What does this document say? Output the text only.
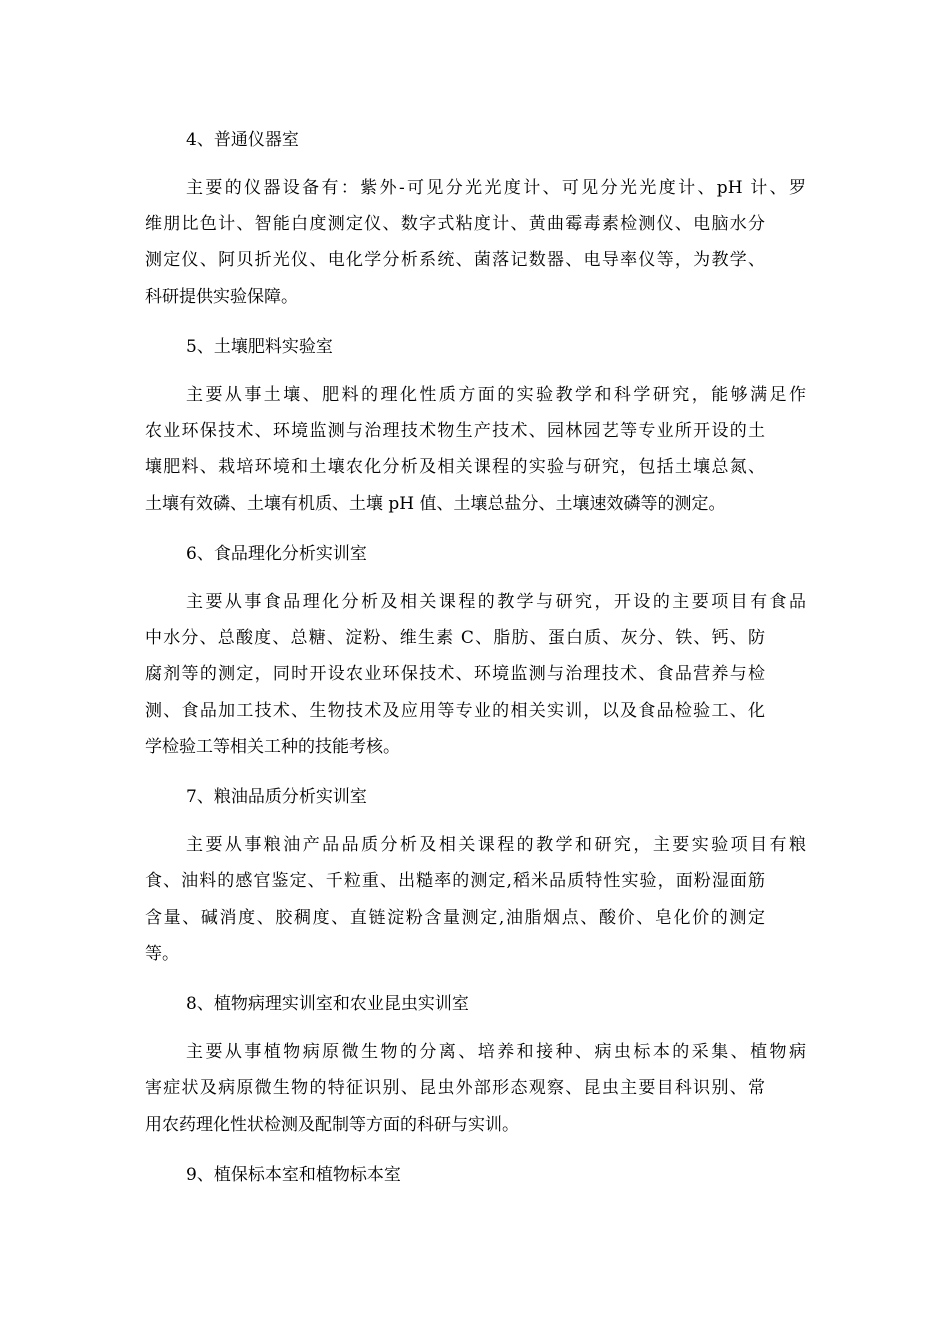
4、普通仪器室
主要的仪器设备有：紫外-可见分光光度计、可见分光光度计、pH 计、罗
维朋比色计、智能白度测定仪、数字式粘度计、黄曲霉毒素检测仪、电脑水分
测定仪、阿贝折光仪、电化学分析系统、菌落记数器、电导率仪等，为教学、
科研提供实验保障。
5、土壤肥料实验室
主要从事土壤、肥料的理化性质方面的实验教学和科学研究，能够满足作
农业环保技术、环境监测与治理技术物生产技术、园林园艺等专业所开设的土
壤肥料、栽培环境和土壤农化分析及相关课程的实验与研究，包括土壤总氮、
土壤有效磷、土壤有机质、土壤 pH 值、土壤总盐分、土壤速效磷等的测定。
6、食品理化分析实训室
主要从事食品理化分析及相关课程的教学与研究，开设的主要项目有食品
中水分、总酸度、总糖、淀粉、维生素 C、脂肪、蛋白质、灰分、铁、钙、防
腐剂等的测定，同时开设农业环保技术、环境监测与治理技术、食品营养与检
测、食品加工技术、生物技术及应用等专业的相关实训，以及食品检验工、化
学检验工等相关工种的技能考核。
7、粮油品质分析实训室
主要从事粮油产品品质分析及相关课程的教学和研究，主要实验项目有粮
食、油料的感官鉴定、千粒重、出糙率的测定,稻米品质特性实验，面粉湿面筋
含量、碱消度、胶稠度、直链淀粉含量测定,油脂烟点、酸价、皂化价的测定
等。
8、植物病理实训室和农业昆虫实训室
主要从事植物病原微生物的分离、培养和接种、病虫标本的采集、植物病
害症状及病原微生物的特征识别、昆虫外部形态观察、昆虫主要目科识别、常
用农药理化性状检测及配制等方面的科研与实训。
9、植保标本室和植物标本室
